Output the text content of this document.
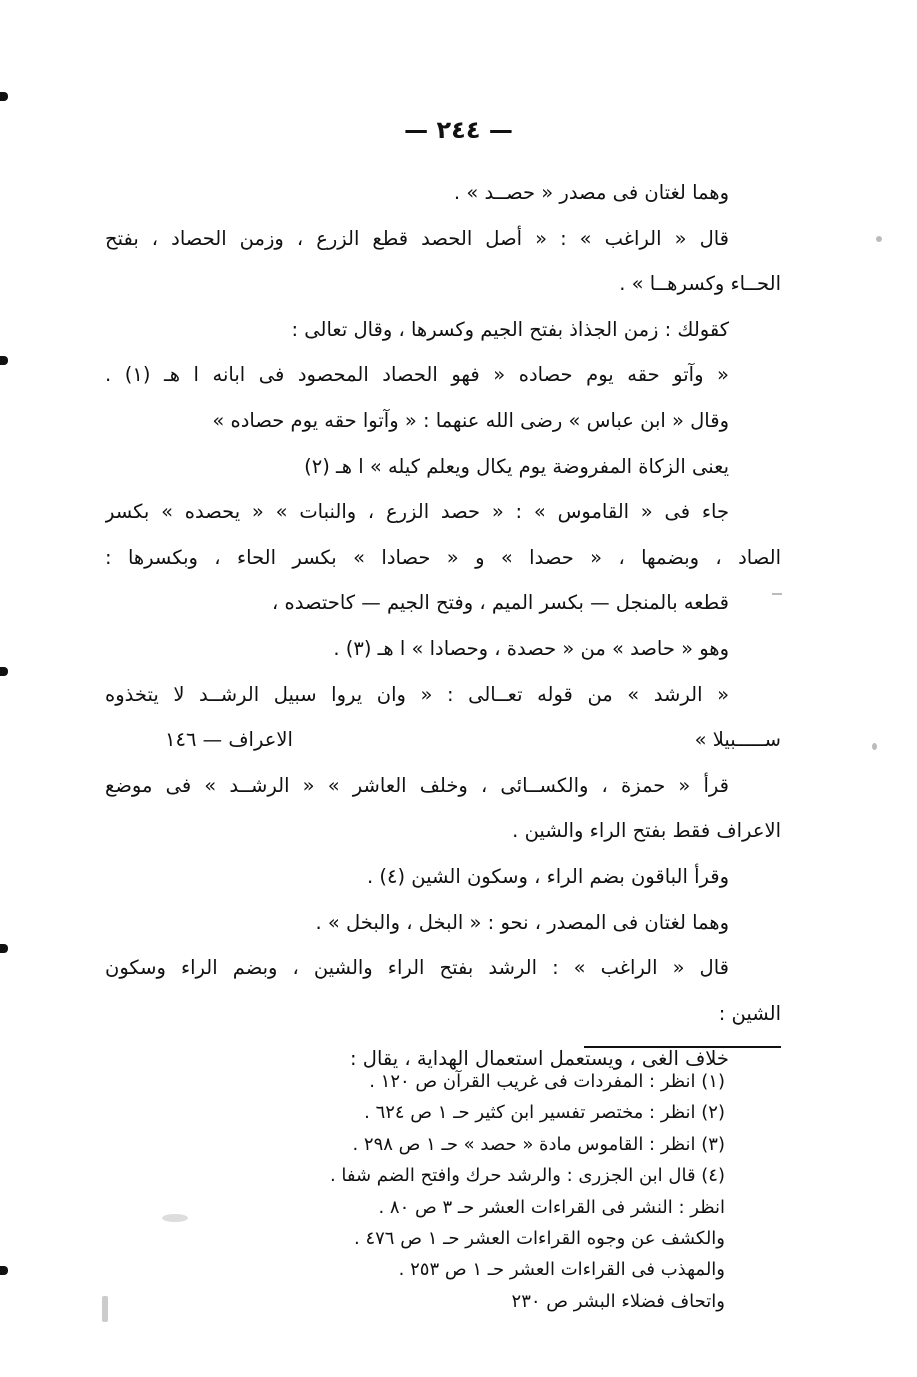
— ٢٤٤ —
وهما لغتان فى مصدر « حصــد » .
قال « الراغب » : « أصل الحصد قطع الزرع ، وزمن الحصاد ، بفتح
الحــاء وكسرهــا » .
كقولك : زمن الجذاذ بفتح الجيم وكسرها ، وقال تعالى :
« وآتو حقه يوم حصاده « فهو الحصاد المحصود فى ابانه ا هـ (١) .
وقال « ابن عباس » رضى الله عنهما : « وآتوا حقه يوم حصاده »
يعنى الزكاة المفروضة يوم يكال ويعلم كيله » ا هـ (٢)
جاء فى « القاموس » : « حصد الزرع ، والنبات » « يحصده » بكسر
الصاد ، وبضمها ، « حصدا » و « حصادا » بكسر الحاء ، وبكسرها :
قطعه بالمنجل — بكسر الميم ، وفتح الجيم — كاحتصده ،
وهو « حاصد » من « حصدة ، وحصادا » ا هـ (٣) .
« الرشد » من قوله تعــالى : « وان يروا سبيل الرشــد لا يتخذوه
ســـــبيلا »
الاعراف — ١٤٦
قرأ « حمزة ، والكســائى ، وخلف العاشر » « الرشــد » فى موضع
الاعراف فقط بفتح الراء والشين .
وقرأ الباقون بضم الراء ، وسكون الشين (٤) .
وهما لغتان فى المصدر ، نحو : « البخل ، والبخل » .
قال « الراغب » : الرشد بفتح الراء والشين ، وبضم الراء وسكون
الشين :
خلاف الغى ، ويستعمل استعمال الهداية ، يقال :
(١) انظر : المفردات فى غريب القرآن ص ١٢٠ .
(٢) انظر : مختصر تفسير ابن كثير حـ ١ ص ٦٢٤ .
(٣) انظر : القاموس مادة « حصد » حـ ١ ص ٢٩٨ .
(٤) قال ابن الجزرى : والرشد حرك وافتح الضم شفا .
انظر : النشر فى القراءات العشر حـ ٣ ص ٨٠ .
والكشف عن وجوه القراءات العشر حـ ١ ص ٤٧٦ .
والمهذب فى القراءات العشر حـ ١ ص ٢٥٣ .
واتحاف فضلاء البشر ص ٢٣٠
